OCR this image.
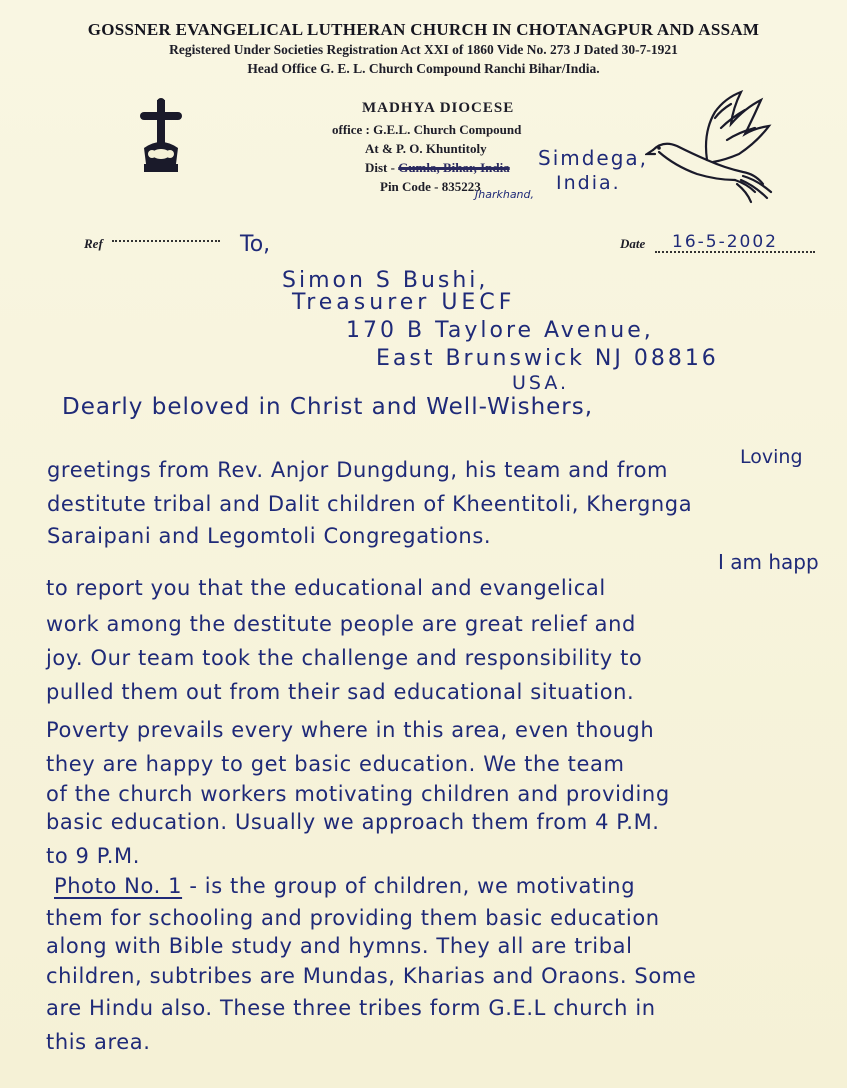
GOSSNER EVANGELICAL LUTHERAN CHURCH IN CHOTANAGPUR AND ASSAM
Registered Under Societies Registration Act XXI of 1860 Vide No. 273 J Dated 30-7-1921
Head Office G. E. L. Church Compound Ranchi Bihar/India.
MADHYA DIOCESE
office : G.E.L. Church Compound
At & P. O. Khuntitoly
Dist - Gumla, Bihar, India
Pin Code - 835223
Simdega,
India.
Jharkhand,
Ref	Date 16-5-2002
To,
Simon S Bushi,
Treasurer UECF
170 B Taylore Avenue,
East Brunswick NJ 08816
USA.
Dearly beloved in Christ and Well-Wishers,
Loving
greetings from Rev. Anjor Dungdung, his team and from
destitute tribal and Dalit children of Kheentitoli, Khergnga
Saraipani and Legomtoli Congregations.
I am happ
to report you that the educational and evangelical
work among the destitute people are great relief and
joy. Our team took the challenge and responsibility to
pulled them out from their sad educational situation.
Poverty prevails every where in this area, even though
they are happy to get basic education. We the team
of the church workers motivating children and providing
basic education. Usually we approach them from 4 P.M.
to 9 P.M.
Photo No. 1 - is the group of children, we motivating
them for schooling and providing them basic education
along with Bible study and hymns. They all are tribal
children, subtribes are Mundas, Kharias and Oraons. Some
are Hindu also. These three tribes form G.E.L church in
this area.
